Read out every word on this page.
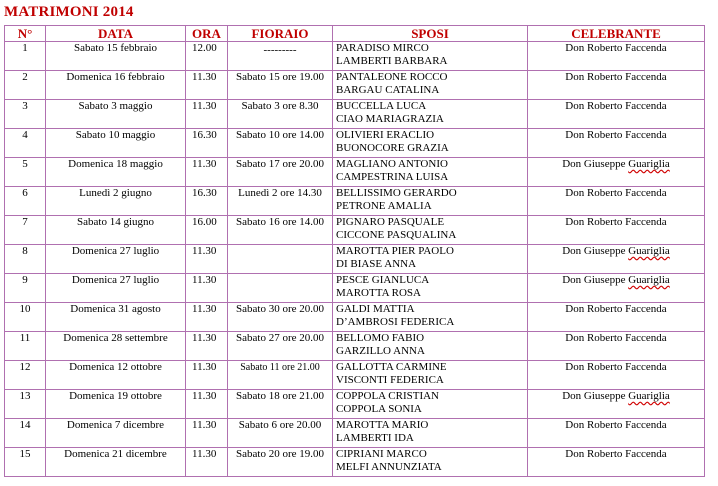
MATRIMONI 2014
N°	DATA	ORA	FIORAIO	SPOSI	CELEBRANTE
1	Sabato 15 febbraio	12.00	---------	PARADISO MIRCO
LAMBERTI BARBARA	Don Roberto Faccenda
2	Domenica 16 febbraio	11.30	Sabato 15 ore 19.00	PANTALEONE ROCCO
BARGAU CATALINA	Don Roberto Faccenda
3	Sabato 3 maggio	11.30	Sabato 3 ore 8.30	BUCCELLA LUCA
CIAO MARIAGRAZIA	Don Roberto Faccenda
4	Sabato 10 maggio	16.30	Sabato 10 ore 14.00	OLIVIERI ERACLIO
BUONOCORE GRAZIA	Don Roberto Faccenda
5	Domenica 18 maggio	11.30	Sabato 17 ore 20.00	MAGLIANO ANTONIO
CAMPESTRINA LUISA	Don Giuseppe Guariglia
6	Lunedì 2 giugno	16.30	Lunedì 2 ore 14.30	BELLISSIMO GERARDO
PETRONE AMALIA	Don Roberto Faccenda
7	Sabato 14 giugno	16.00	Sabato 16 ore 14.00	PIGNARO PASQUALE
CICCONE PASQUALINA	Don Roberto Faccenda
8	Domenica 27 luglio	11.30		MAROTTA PIER PAOLO
DI BIASE ANNA	Don Giuseppe Guariglia
9	Domenica 27 luglio	11.30		PESCE GIANLUCA
MAROTTA ROSA	Don Giuseppe Guariglia
10	Domenica 31 agosto	11.30	Sabato 30 ore 20.00	GALDI MATTIA
D’AMBROSI FEDERICA	Don Roberto Faccenda
11	Domenica 28 settembre	11.30	Sabato 27 ore 20.00	BELLOMO FABIO
GARZILLO ANNA	Don Roberto Faccenda
12	Domenica 12 ottobre	11.30	Sabato 11 ore 21.00	GALLOTTA CARMINE
VISCONTI FEDERICA	Don Roberto Faccenda
13	Domenica 19 ottobre	11.30	Sabato 18 ore 21.00	COPPOLA CRISTIAN
COPPOLA SONIA	Don Giuseppe Guariglia
14	Domenica 7 dicembre	11.30	Sabato 6 ore 20.00	MAROTTA MARIO
LAMBERTI IDA	Don Roberto Faccenda
15	Domenica 21 dicembre	11.30	Sabato 20 ore 19.00	CIPRIANI MARCO
MELFI ANNUNZIATA	Don Roberto Faccenda
